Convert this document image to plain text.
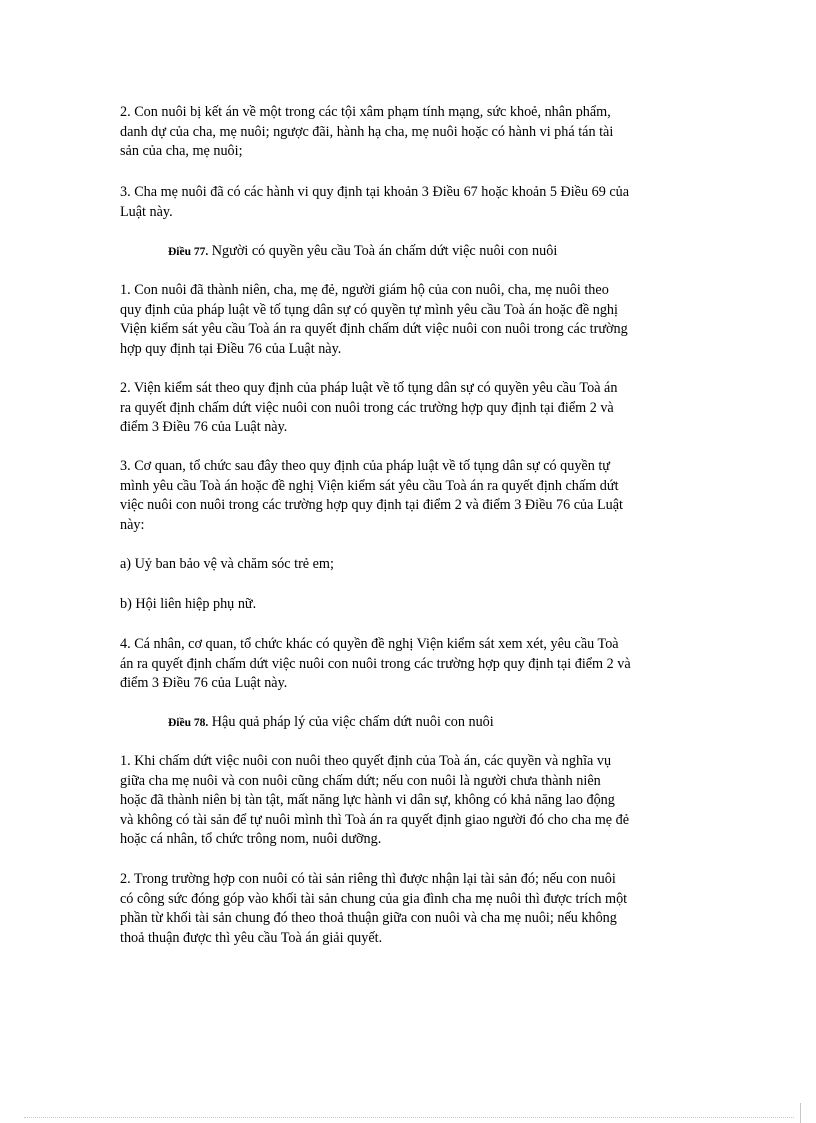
2. Con nuôi bị kết án về một trong các tội xâm phạm tính mạng, sức khoẻ, nhân phẩm,
danh dự của cha, mẹ nuôi; ngược đãi, hành hạ cha, mẹ nuôi hoặc có hành vi phá tán tài
sản của cha, mẹ nuôi;

3. Cha mẹ nuôi đã có các hành vi quy định tại khoản 3 Điều 67 hoặc khoản 5 Điều 69 của
Luật này.

Điều 77. Người có quyền yêu cầu Toà án chấm dứt việc nuôi con nuôi

1. Con nuôi đã thành niên, cha, mẹ đẻ, người giám hộ của con nuôi, cha, mẹ nuôi theo
quy định của pháp luật về tố tụng dân sự có quyền tự mình yêu cầu Toà án hoặc đề nghị
Viện kiểm sát yêu cầu Toà án ra quyết định chấm dứt việc nuôi con nuôi trong các trường
hợp quy định tại Điều 76 của Luật này.

2. Viện kiểm sát theo quy định của pháp luật về tố tụng dân sự có quyền yêu cầu Toà án
ra quyết định chấm dứt việc nuôi con nuôi trong các trường hợp quy định tại điểm 2 và
điểm 3 Điều 76 của Luật này.

3. Cơ quan, tổ chức sau đây theo quy định của pháp luật về tố tụng dân sự có quyền tự
mình yêu cầu Toà án hoặc đề nghị Viện kiểm sát yêu cầu Toà án ra quyết định chấm dứt
việc nuôi con nuôi trong các trường hợp quy định tại điểm 2 và điểm 3 Điều 76 của Luật
này:

a) Uỷ ban bảo vệ và chăm sóc trẻ em;

b) Hội liên hiệp phụ nữ.

4. Cá nhân, cơ quan, tổ chức khác có quyền đề nghị Viện kiểm sát xem xét, yêu cầu Toà
án ra quyết định chấm dứt việc nuôi con nuôi trong các trường hợp quy định tại điểm 2 và
điểm 3 Điều 76 của Luật này.

Điều 78. Hậu quả pháp lý của việc chấm dứt nuôi con nuôi

1. Khi chấm dứt việc nuôi con nuôi theo quyết định của Toà án, các quyền và nghĩa vụ
giữa cha mẹ nuôi và con nuôi cũng chấm dứt; nếu con nuôi là người chưa thành niên
hoặc đã thành niên bị tàn tật, mất năng lực hành vi dân sự, không có khả năng lao động
và không có tài sản để tự nuôi mình thì Toà án ra quyết định giao người đó cho cha mẹ đẻ
hoặc cá nhân, tổ chức trông nom, nuôi dưỡng.

2. Trong trường hợp con nuôi có tài sản riêng thì được nhận lại tài sản đó; nếu con nuôi
có công sức đóng góp vào khối tài sản chung của gia đình cha mẹ nuôi thì được trích một
phần từ khối tài sản chung đó theo thoả thuận giữa con nuôi và cha mẹ nuôi; nếu không
thoả thuận được thì yêu cầu Toà án giải quyết.
